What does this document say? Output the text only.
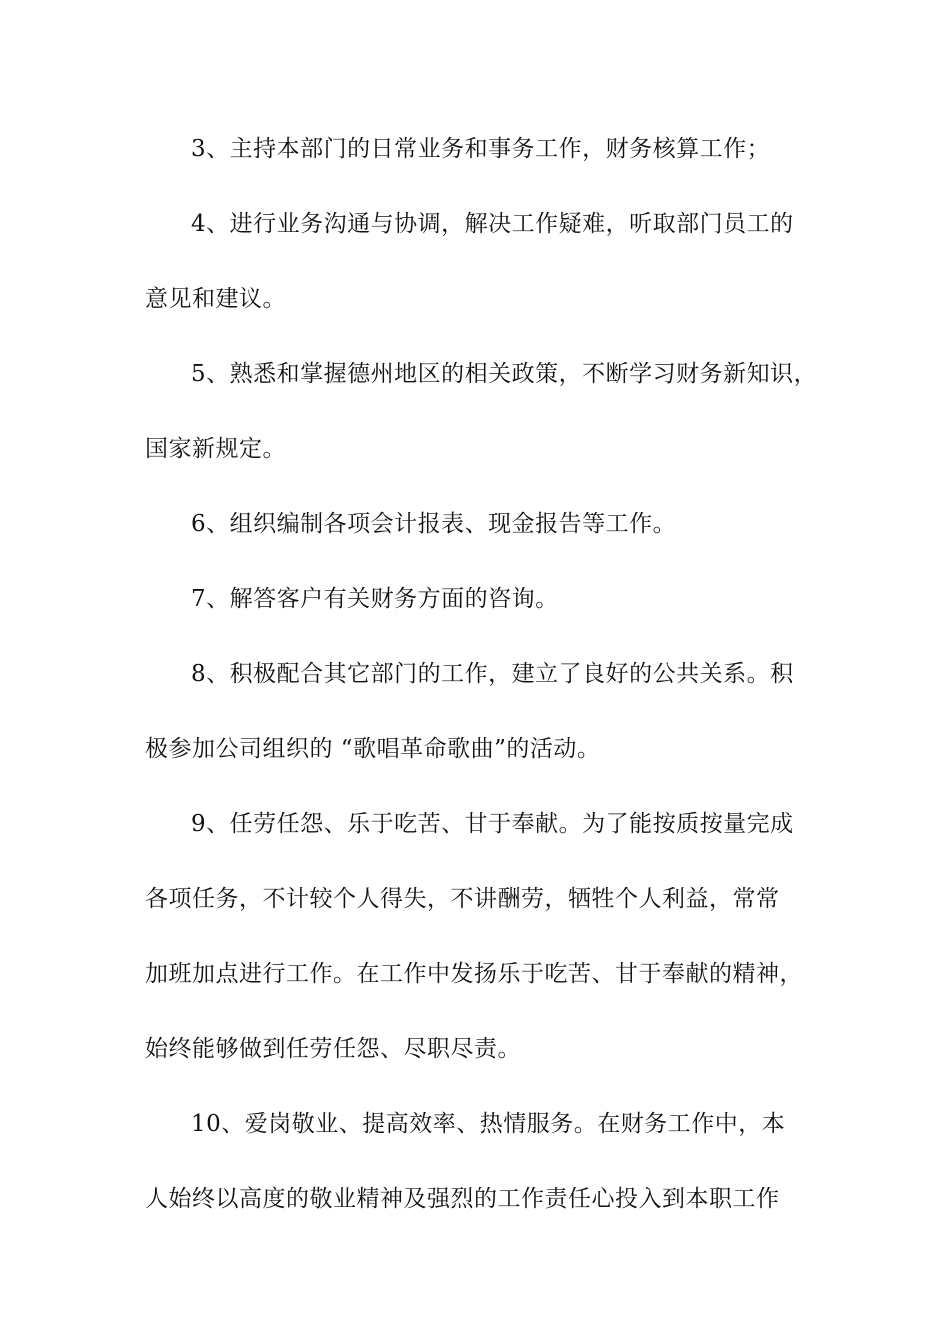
3、主持本部门的日常业务和事务工作，财务核算工作；
4、进行业务沟通与协调，解决工作疑难，听取部门员工的
意见和建议。
5、熟悉和掌握德州地区的相关政策，不断学习财务新知识，
国家新规定。
6、组织编制各项会计报表、现金报告等工作。
7、解答客户有关财务方面的咨询。
8、积极配合其它部门的工作，建立了良好的公共关系。积
极参加公司组织的 “歌唱革命歌曲”的活动。
9、任劳任怨、乐于吃苦、甘于奉献。为了能按质按量完成
各项任务，不计较个人得失，不讲酬劳，牺牲个人利益，常常
加班加点进行工作。在工作中发扬乐于吃苦、甘于奉献的精神，
始终能够做到任劳任怨、尽职尽责。
10、爱岗敬业、提高效率、热情服务。在财务工作中，本
人始终以高度的敬业精神及强烈的工作责任心投入到本职工作
